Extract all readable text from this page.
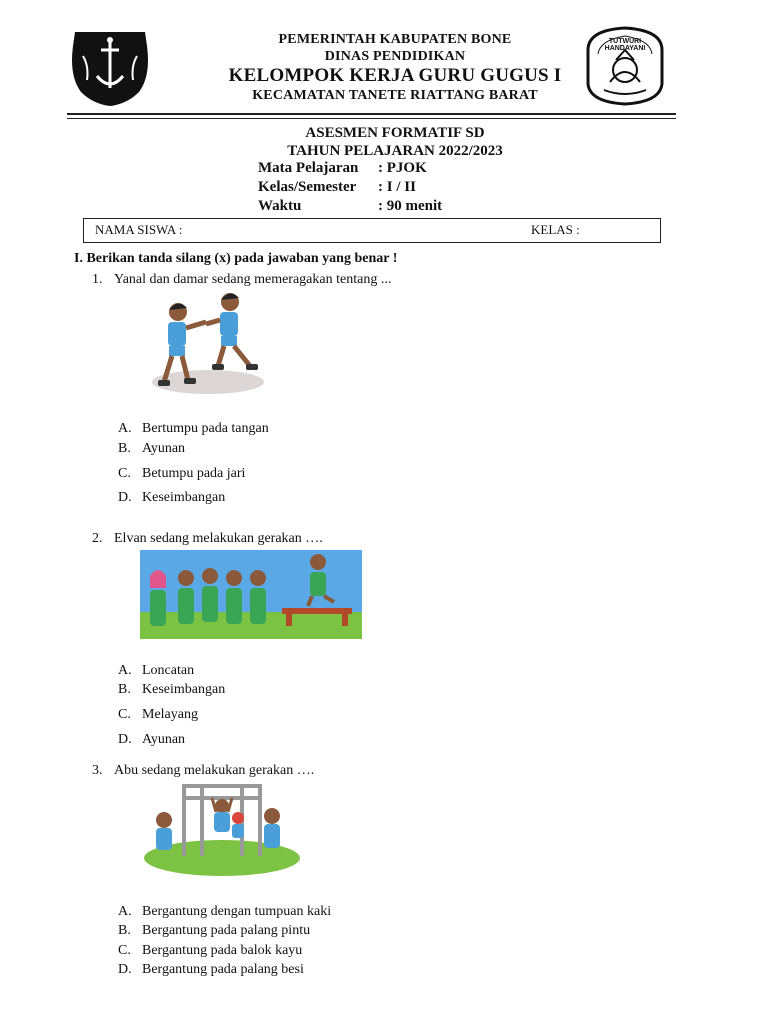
TUTWURI HANDAYANI
PEMERINTAH KABUPATEN BONE
DINAS PENDIDIKAN
KELOMPOK KERJA GURU GUGUS I
KECAMATAN TANETE RIATTANG BARAT
ASESMEN FORMATIF SD
TAHUN PELAJARAN 2022/2023
Mata Pelajaran : PJOK
Kelas/Semester : I / II
Waktu	: 90 menit
NAMA SISWA :	KELAS :
I. Berikan tanda silang (x) pada jawaban yang benar !
1. Yanal dan damar sedang memeragakan tentang ...
A. Bertumpu pada tangan
B. Ayunan
C. Betumpu pada jari
D. Keseimbangan
2. Elvan sedang melakukan gerakan ….
A. Loncatan
B. Keseimbangan
C. Melayang
D. Ayunan
3. Abu sedang melakukan gerakan ….
A. Bergantung dengan tumpuan kaki
B. Bergantung pada palang pintu
C. Bergantung pada balok kayu
D. Bergantung pada palang besi
